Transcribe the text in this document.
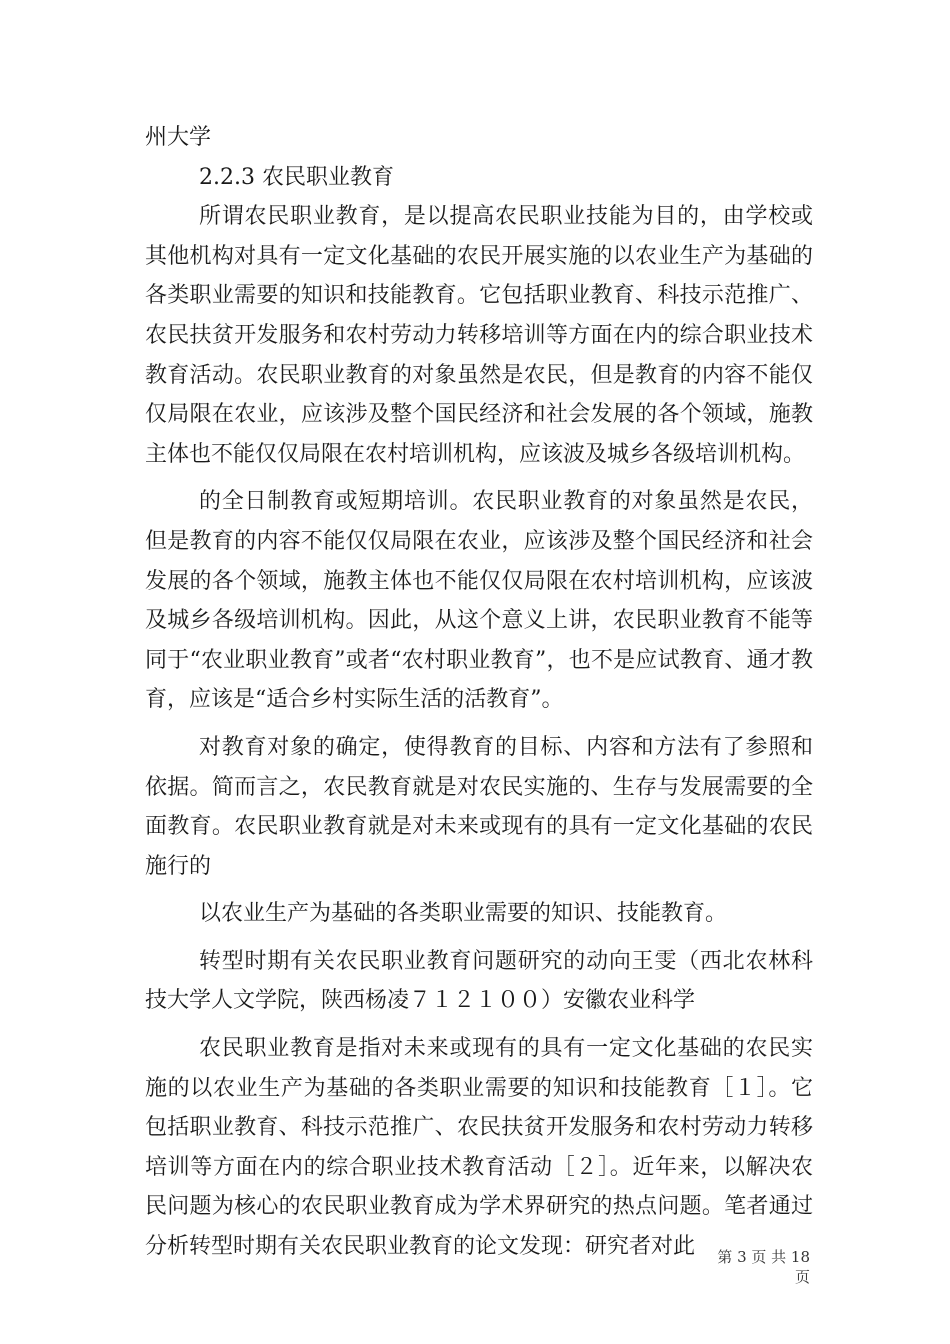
州大学

2.2.3 农民职业教育

所谓农民职业教育，是以提高农民职业技能为目的，由学校或其他机构对具有一定文化基础的农民开展实施的以农业生产为基础的各类职业需要的知识和技能教育。它包括职业教育、科技示范推广、农民扶贫开发服务和农村劳动力转移培训等方面在内的综合职业技术教育活动。农民职业教育的对象虽然是农民，但是教育的内容不能仅仅局限在农业，应该涉及整个国民经济和社会发展的各个领域，施教主体也不能仅仅局限在农村培训机构，应该波及城乡各级培训机构。

的全日制教育或短期培训。农民职业教育的对象虽然是农民，但是教育的内容不能仅仅局限在农业，应该涉及整个国民经济和社会发展的各个领域，施教主体也不能仅仅局限在农村培训机构，应该波及城乡各级培训机构。因此，从这个意义上讲，农民职业教育不能等同于“农业职业教育”或者“农村职业教育”，也不是应试教育、通才教育，应该是“适合乡村实际生活的活教育”。

对教育对象的确定，使得教育的目标、内容和方法有了参照和依据。简而言之，农民教育就是对农民实施的、生存与发展需要的全面教育。农民职业教育就是对未来或现有的具有一定文化基础的农民施行的

以农业生产为基础的各类职业需要的知识、技能教育。

转型时期有关农民职业教育问题研究的动向王雯（西北农林科技大学人文学院，陕西杨凌７１２１００）安徽农业科学

农民职业教育是指对未来或现有的具有一定文化基础的农民实施的以农业生产为基础的各类职业需要的知识和技能教育［１］。它包括职业教育、科技示范推广、农民扶贫开发服务和农村劳动力转移培训等方面在内的综合职业技术教育活动［２］。近年来，以解决农民问题为核心的农民职业教育成为学术界研究的热点问题。笔者通过分析转型时期有关农民职业教育的论文发现：研究者对此	第 3 页 共 18 页
